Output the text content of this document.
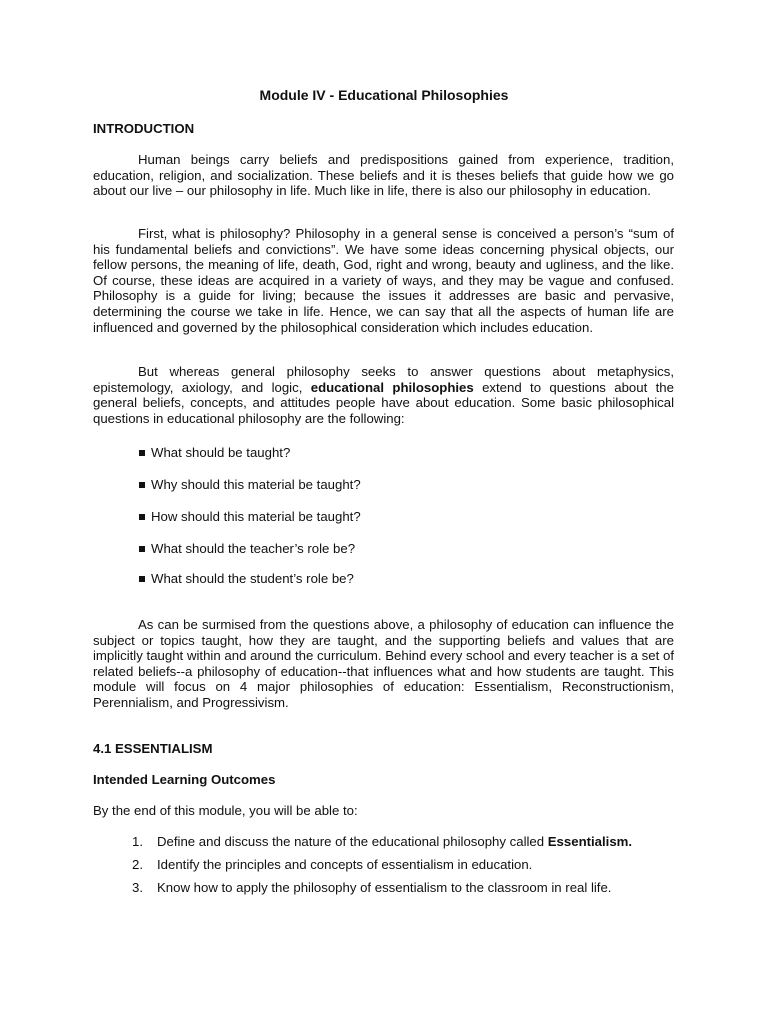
Module IV - Educational Philosophies
INTRODUCTION
Human beings carry beliefs and predispositions gained from experience, tradition, education, religion, and socialization. These beliefs and it is theses beliefs that guide how we go about our live – our philosophy in life. Much like in life, there is also our philosophy in education.
First, what is philosophy? Philosophy in a general sense is conceived a person’s “sum of his fundamental beliefs and convictions”. We have some ideas concerning physical objects, our fellow persons, the meaning of life, death, God, right and wrong, beauty and ugliness, and the like. Of course, these ideas are acquired in a variety of ways, and they may be vague and confused. Philosophy is a guide for living; because the issues it addresses are basic and pervasive, determining the course we take in life. Hence, we can say that all the aspects of human life are influenced and governed by the philosophical consideration which includes education.
But whereas general philosophy seeks to answer questions about metaphysics, epistemology, axiology, and logic, educational philosophies extend to questions about the general beliefs, concepts, and attitudes people have about education. Some basic philosophical questions in educational philosophy are the following:
What should be taught?
Why should this material be taught?
How should this material be taught?
What should the teacher’s role be?
What should the student’s role be?
As can be surmised from the questions above, a philosophy of education can influence the subject or topics taught, how they are taught, and the supporting beliefs and values that are implicitly taught within and around the curriculum. Behind every school and every teacher is a set of related beliefs--a philosophy of education--that influences what and how students are taught. This module will focus on 4 major philosophies of education: Essentialism, Reconstructionism, Perennialism, and Progressivism.
4.1 ESSENTIALISM
Intended Learning Outcomes
By the end of this module, you will be able to:
1. Define and discuss the nature of the educational philosophy called Essentialism.
2. Identify the principles and concepts of essentialism in education.
3. Know how to apply the philosophy of essentialism to the classroom in real life.
